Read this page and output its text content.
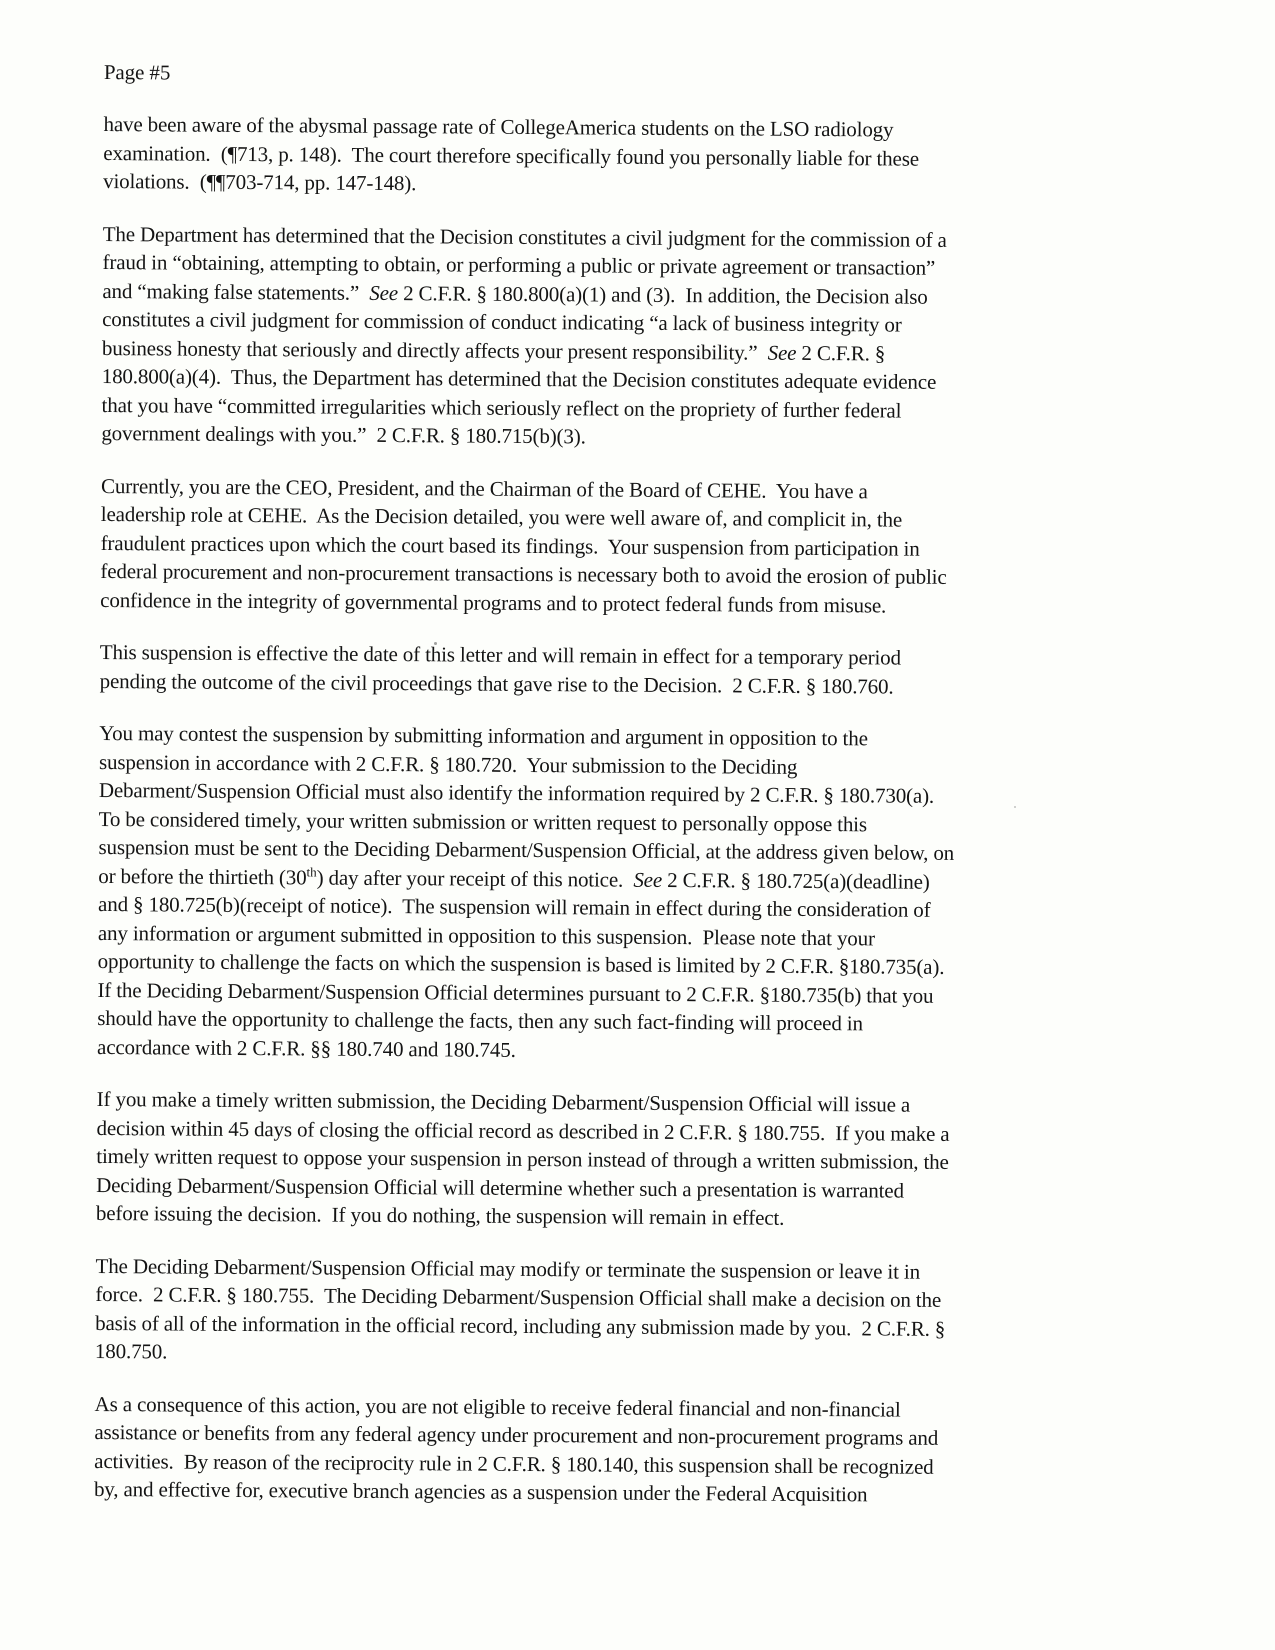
Page #5
have been aware of the abysmal passage rate of CollegeAmerica students on the LSO radiology
examination.  (¶713, p. 148).  The court therefore specifically found you personally liable for these
violations.  (¶¶703-714, pp. 147-148).
The Department has determined that the Decision constitutes a civil judgment for the commission of a
fraud in “obtaining, attempting to obtain, or performing a public or private agreement or transaction”
and “making false statements.”  See 2 C.F.R. § 180.800(a)(1) and (3).  In addition, the Decision also
constitutes a civil judgment for commission of conduct indicating “a lack of business integrity or
business honesty that seriously and directly affects your present responsibility.”  See 2 C.F.R. §
180.800(a)(4).  Thus, the Department has determined that the Decision constitutes adequate evidence
that you have “committed irregularities which seriously reflect on the propriety of further federal
government dealings with you.”  2 C.F.R. § 180.715(b)(3).
Currently, you are the CEO, President, and the Chairman of the Board of CEHE.  You have a
leadership role at CEHE.  As the Decision detailed, you were well aware of, and complicit in, the
fraudulent practices upon which the court based its findings.  Your suspension from participation in
federal procurement and non-procurement transactions is necessary both to avoid the erosion of public
confidence in the integrity of governmental programs and to protect federal funds from misuse.
This suspension is effective the date of this letter and will remain in effect for a temporary period
pending the outcome of the civil proceedings that gave rise to the Decision.  2 C.F.R. § 180.760.
You may contest the suspension by submitting information and argument in opposition to the
suspension in accordance with 2 C.F.R. § 180.720.  Your submission to the Deciding
Debarment/Suspension Official must also identify the information required by 2 C.F.R. § 180.730(a).
To be considered timely, your written submission or written request to personally oppose this
suspension must be sent to the Deciding Debarment/Suspension Official, at the address given below, on
or before the thirtieth (30th) day after your receipt of this notice.  See 2 C.F.R. § 180.725(a)(deadline)
and § 180.725(b)(receipt of notice).  The suspension will remain in effect during the consideration of
any information or argument submitted in opposition to this suspension.  Please note that your
opportunity to challenge the facts on which the suspension is based is limited by 2 C.F.R. §180.735(a).
If the Deciding Debarment/Suspension Official determines pursuant to 2 C.F.R. §180.735(b) that you
should have the opportunity to challenge the facts, then any such fact-finding will proceed in
accordance with 2 C.F.R. §§ 180.740 and 180.745.
If you make a timely written submission, the Deciding Debarment/Suspension Official will issue a
decision within 45 days of closing the official record as described in 2 C.F.R. § 180.755.  If you make a
timely written request to oppose your suspension in person instead of through a written submission, the
Deciding Debarment/Suspension Official will determine whether such a presentation is warranted
before issuing the decision.  If you do nothing, the suspension will remain in effect.
The Deciding Debarment/Suspension Official may modify or terminate the suspension or leave it in
force.  2 C.F.R. § 180.755.  The Deciding Debarment/Suspension Official shall make a decision on the
basis of all of the information in the official record, including any submission made by you.  2 C.F.R. §
180.750.
As a consequence of this action, you are not eligible to receive federal financial and non-financial
assistance or benefits from any federal agency under procurement and non-procurement programs and
activities.  By reason of the reciprocity rule in 2 C.F.R. § 180.140, this suspension shall be recognized
by, and effective for, executive branch agencies as a suspension under the Federal Acquisition
